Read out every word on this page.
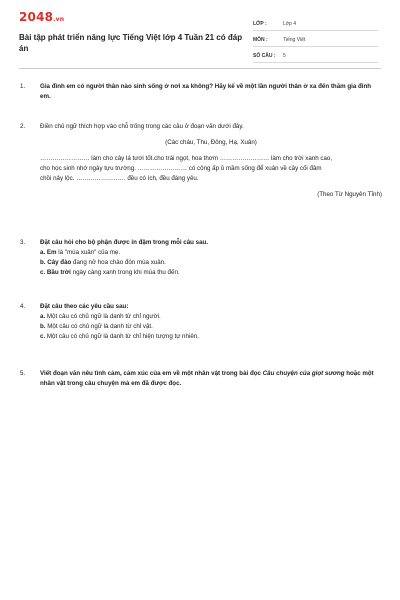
2048.vn
Bài tập phát triển năng lực Tiếng Việt lớp 4 Tuần 21 có đáp án
LỚP :	Lớp 4
MÔN :	Tiếng Việt
SỐ CÂU :	5
1.	Gia đình em có người thân nào sinh sống ở nơi xa không? Hãy kể về một lần người thân ở xa đến thăm gia đình em.
2.	Điền chủ ngữ thích hợp vào chỗ trống trong các câu ở đoạn văn dưới đây.
(Các cháu, Thu, Đông, Hạ, Xuân)
…………………… làm cho cây lá tươi tốt.cho trái ngọt, hoa thơm …………………… làm cho trời xanh cao,
cho học sinh nhớ ngày tựu trường. …………………… có công ấp ủ mầm sống để xuân về cây cối đâm
chồi nảy lộc. …………………… đều có ích, đều đáng yêu.
(Theo Từ Nguyên Tĩnh)
3.	Đặt câu hỏi cho bộ phận được in đậm trong mỗi câu sau.
a. Em là "mùa xuân" của mẹ.
b. Cây đào đang nở hoa chào đón mùa xuân.
c. Bầu trời ngày càng xanh trong khi mùa thu đến.
4.	Đặt câu theo các yêu cầu sau:
a. Một câu có chủ ngữ là danh từ chỉ người.
b. Một câu có chủ ngữ là danh từ chỉ vật.
c. Một câu có chủ ngữ là danh từ chỉ hiện tượng tự nhiên.
5.	Viết đoạn văn nêu tình cảm, cảm xúc của em về một nhân vật trong bài đọc Câu chuyện của giọt sương hoặc một nhân vật trong câu chuyện mà em đã được đọc.
